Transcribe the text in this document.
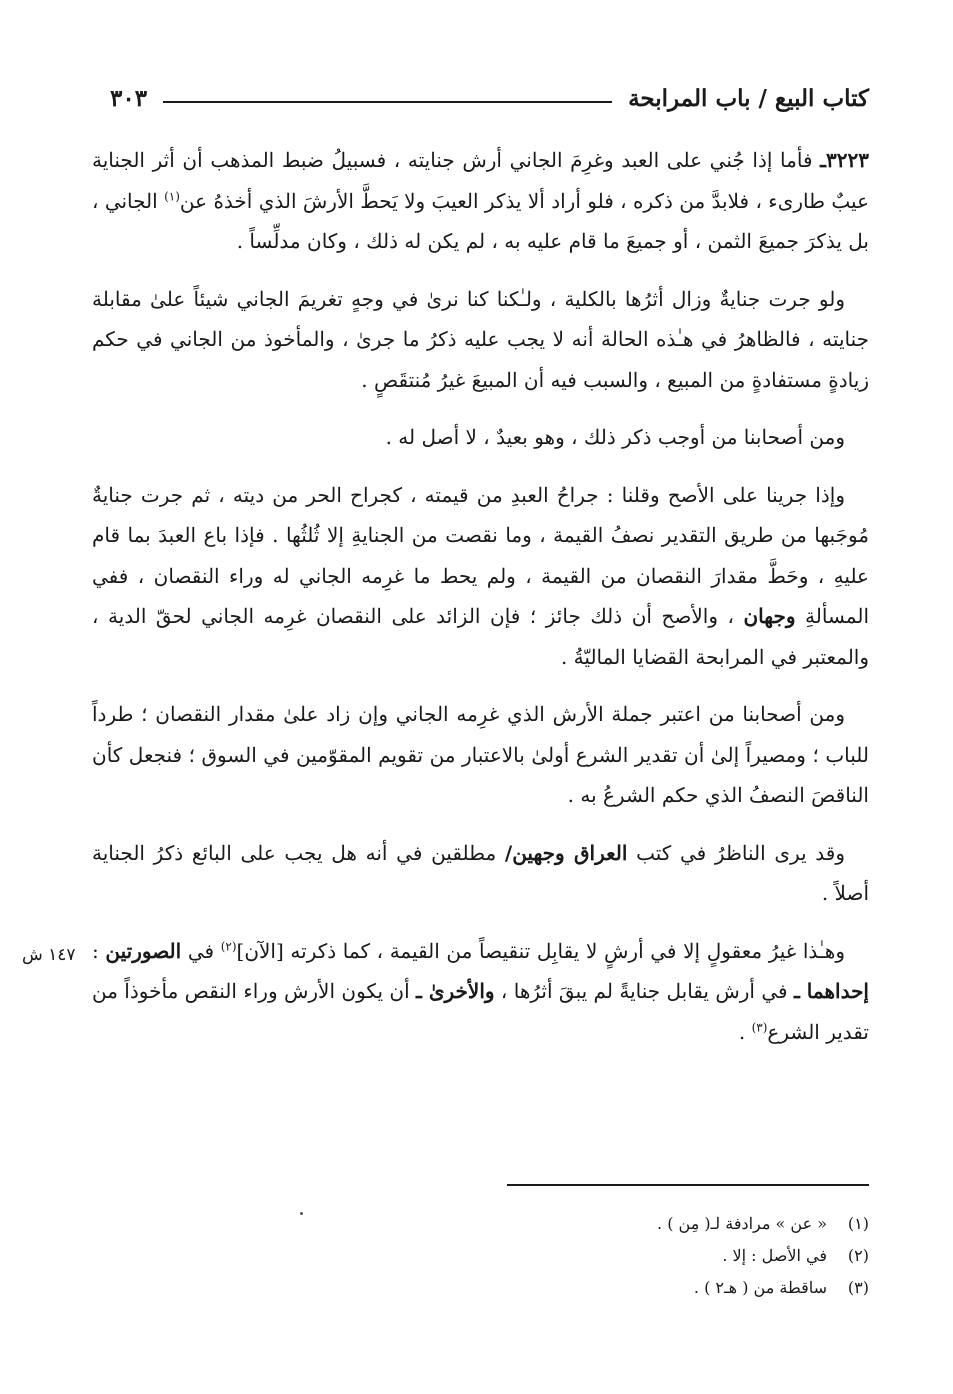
كتاب البيع / باب المرابحة
٣٠٣

٣٢٢٣ـ فأما إذا جُني على العبد وغرِمَ الجاني أرش جنايته ، فسبيلُ ضبط المذهب أن أثر الجناية عيبٌ طارىء ، فلابدَّ من ذكره ، فلو أراد ألا يذكر العيبَ ولا يَحطَّ الأرشَ الذي أخذهُ عن$^{(١)}$ الجاني ، بل يذكرَ جميعَ الثمن ، أو جميعَ ما قام عليه به ، لم يكن له ذلك ، وكان مدلِّساً .

ولو جرت جنايةٌ وزال أثرُها بالكلية ، ولـٰكنا كنا نرىٰ في وجهٍ تغريمَ الجاني شيئاً علىٰ مقابلة جنايته ، فالظاهرُ في هـٰذه الحالة أنه لا يجب عليه ذكرُ ما جرىٰ ، والمأخوذ من الجاني في حكم زيادةٍ مستفادةٍ من المبيع ، والسبب فيه أن المبيعَ غيرُ مُنتقَصٍ .

ومن أصحابنا من أوجب ذكر ذلك ، وهو بعيدٌ ، لا أصل له .

وإذا جرينا على الأصح وقلنا : جراحُ العبدِ من قيمته ، كجراح الحر من ديته ، ثم جرت جنايةٌ مُوجَبها من طريق التقدير نصفُ القيمة ، وما نقصت من الجنايةِ إلا ثُلثُها . فإذا باع العبدَ بما قام عليهِ ، وحَطَّ مقدارَ النقصان من القيمة ، ولم يحط ما غرِمه الجاني له وراء النقصان ، ففي المسألةِ وجهان ، والأصح أن ذلك جائز ؛ فإن الزائد على النقصان غرِمه الجاني لحقّ الدية ، والمعتبر في المرابحة القضايا الماليّةُ .

ومن أصحابنا من اعتبر جملة الأرش الذي غرِمه الجاني وإن زاد علىٰ مقدار النقصان ؛ طرداً للباب ؛ ومصيراً إلىٰ أن تقدير الشرع أولىٰ بالاعتبار من تقويم المقوّمين في السوق ؛ فنجعل كأن الناقصَ النصفُ الذي حكم الشرعُ به .

وقد يرى الناظرُ في كتب العراق وجهين/ مطلقين في أنه هل يجب على البائع ذكرُ الجناية أصلاً .

وهـٰذا غيرُ معقولٍ إلا في أرشٍ لا يقابِل تنقيصاً من القيمة ، كما ذكرته [الآن]$^{(٢)}$ في الصورتين : إحداهما ـ في أرش يقابل جنايةً لم يبقَ أثرُها ، والأخرىٰ ـ أن يكون الأرش وراء النقص مأخوذاً من تقدير الشرع$^{(٣)}$ .

١٤٧ ش

(١)« عن » مرادفة لـ( مِن ) .

(٢)في الأصل : إلا .

(٣)ساقطة من ( هـ٢ ) .
